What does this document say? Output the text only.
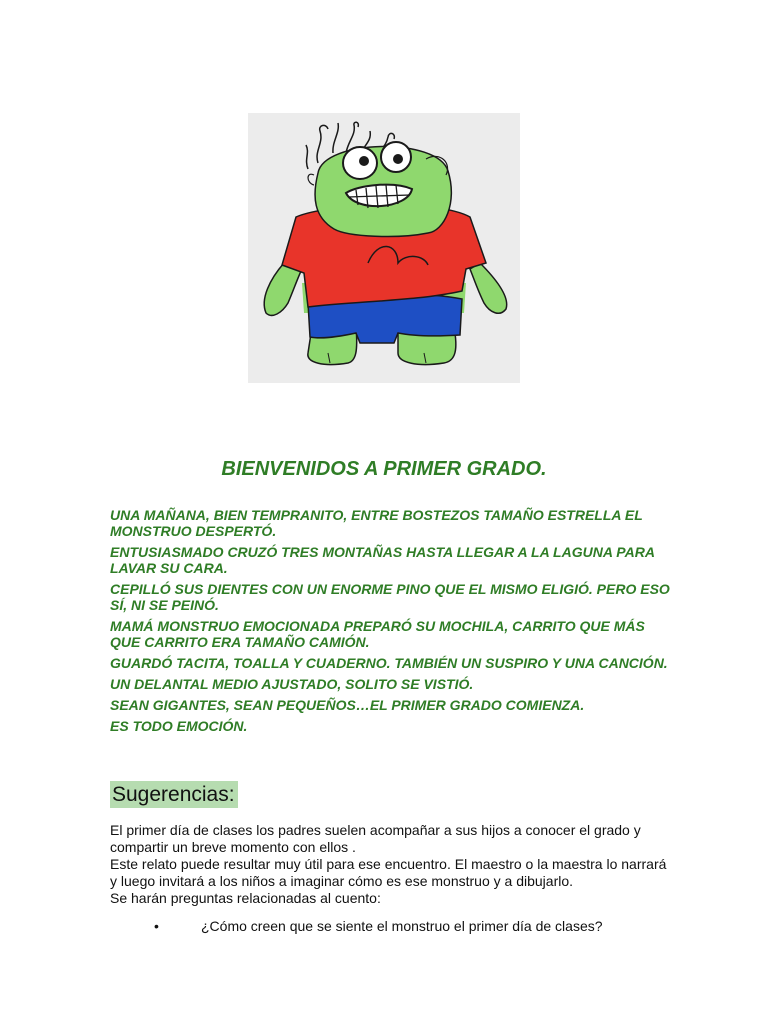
BIENVENIDOS A PRIMER GRADO.

UNA MAÑANA, BIEN TEMPRANITO, ENTRE BOSTEZOS TAMAÑO ESTRELLA EL MONSTRUO DESPERTÓ.

ENTUSIASMADO CRUZÓ TRES MONTAÑAS HASTA LLEGAR A LA LAGUNA PARA LAVAR SU CARA.

CEPILLÓ SUS DIENTES CON UN ENORME PINO QUE EL MISMO ELIGIÓ. PERO ESO SÍ, NI SE PEINÓ.

MAMÁ MONSTRUO EMOCIONADA PREPARÓ SU MOCHILA, CARRITO QUE MÁS QUE CARRITO ERA TAMAÑO CAMIÓN.

GUARDÓ TACITA, TOALLA Y CUADERNO. TAMBIÉN UN SUSPIRO Y UNA CANCIÓN.

UN DELANTAL MEDIO AJUSTADO, SOLITO SE VISTIÓ.

SEAN GIGANTES, SEAN PEQUEÑOS…EL PRIMER GRADO COMIENZA.

ES TODO EMOCIÓN.

Sugerencias:

El primer día de clases los padres suelen acompañar a sus hijos a conocer el grado y compartir un breve momento con ellos .

Este relato puede resultar muy útil para ese encuentro. El maestro o la maestra lo narrará y luego invitará a los niños a imaginar cómo es ese monstruo y a dibujarlo.

Se harán preguntas relacionadas al cuento:

•	¿Cómo creen que se siente el monstruo el primer día de clases?
